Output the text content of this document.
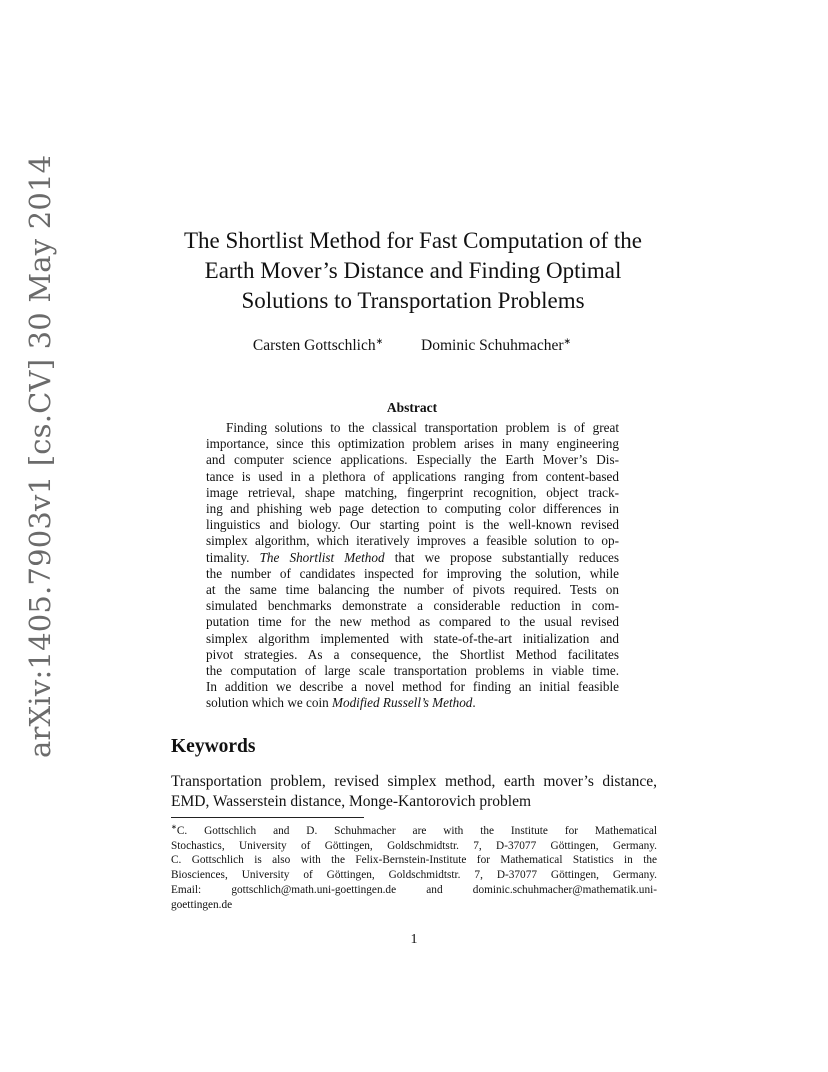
arXiv:1405.7903v1 [cs.CV] 30 May 2014	The Shortlist Method for Fast Computation of the
Earth Mover’s Distance and Finding Optimal
Solutions to Transportation Problems
Carsten Gottschlich∗ Dominic Schuhmacher∗
Abstract
Finding solutions to the classical transportation problem is of great
importance, since this optimization problem arises in many engineering
and computer science applications. Especially the Earth Mover’s Dis-
tance is used in a plethora of applications ranging from content-based
image retrieval, shape matching, fingerprint recognition, object track-
ing and phishing web page detection to computing color differences in
linguistics and biology. Our starting point is the well-known revised
simplex algorithm, which iteratively improves a feasible solution to op-
timality. The Shortlist Method that we propose substantially reduces
the number of candidates inspected for improving the solution, while
at the same time balancing the number of pivots required. Tests on
simulated benchmarks demonstrate a considerable reduction in com-
putation time for the new method as compared to the usual revised
simplex algorithm implemented with state-of-the-art initialization and
pivot strategies. As a consequence, the Shortlist Method facilitates
the computation of large scale transportation problems in viable time.
In addition we describe a novel method for finding an initial feasible
solution which we coin Modified Russell’s Method.
Keywords
Transportation problem, revised simplex method, earth mover’s distance,
EMD, Wasserstein distance, Monge-Kantorovich problem
∗C. Gottschlich and D. Schuhmacher are with the Institute for Mathematical
Stochastics, University of Göttingen, Goldschmidtstr. 7, D-37077 Göttingen, Germany.
C. Gottschlich is also with the Felix-Bernstein-Institute for Mathematical Statistics in the
Biosciences, University of Göttingen, Goldschmidtstr. 7, D-37077 Göttingen, Germany.
Email: gottschlich@math.uni-goettingen.de and dominic.schuhmacher@mathematik.uni-
goettingen.de
1
